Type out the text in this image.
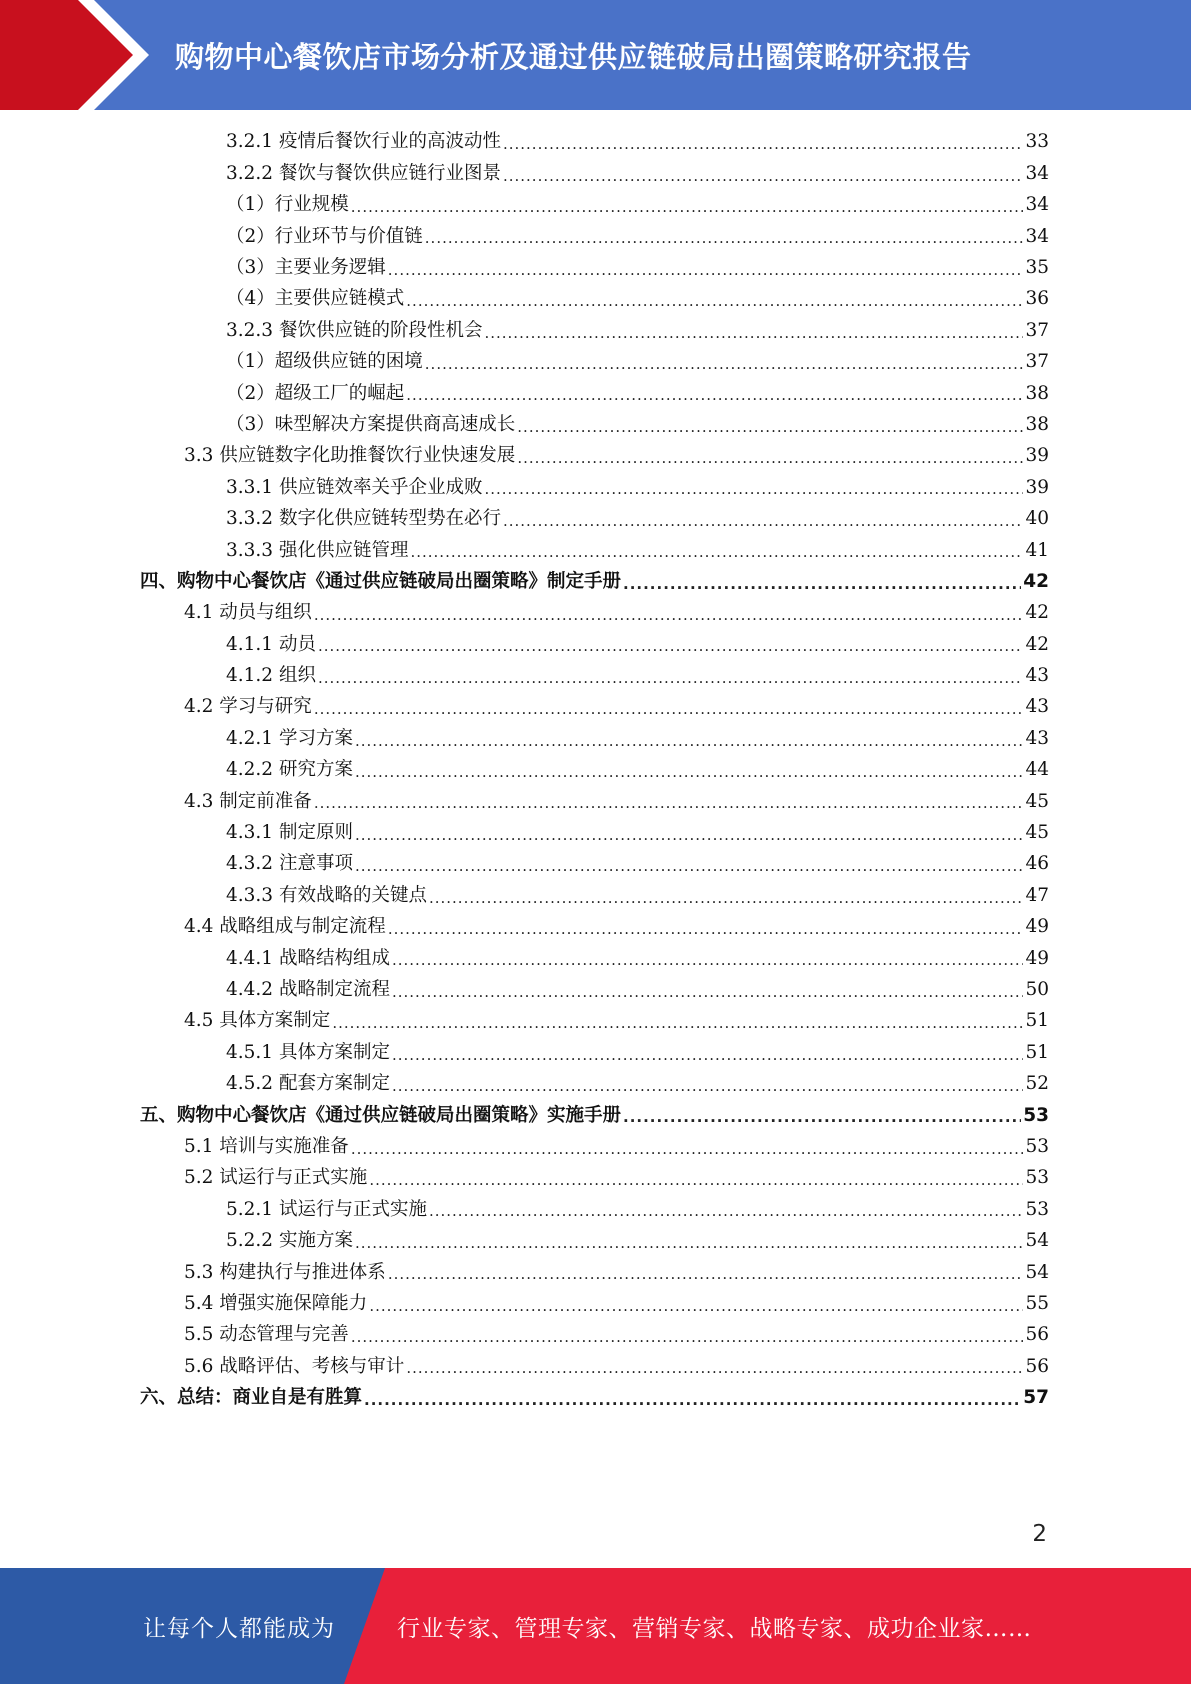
购物中心餐饮店市场分析及通过供应链破局出圈策略研究报告
3.2.1 疫情后餐饮行业的高波动性 .....	33
3.2.2 餐饮与餐饮供应链行业图景 .....	34
（1）行业规模 .....	34
（2）行业环节与价值链 .....	34
（3）主要业务逻辑 .....	35
（4）主要供应链模式 .....	36
3.2.3 餐饮供应链的阶段性机会 .....	37
（1）超级供应链的困境 .....	37
（2）超级工厂的崛起 .....	38
（3）味型解决方案提供商高速成长 .....	38
3.3 供应链数字化助推餐饮行业快速发展 .....	39
3.3.1 供应链效率关乎企业成败 .....	39
3.3.2 数字化供应链转型势在必行 .....	40
3.3.3 强化供应链管理 .....	41
四、购物中心餐饮店《通过供应链破局出圈策略》制定手册 .....	42
4.1 动员与组织 .....	42
4.1.1 动员 .....	42
4.1.2 组织 .....	43
4.2 学习与研究 .....	43
4.2.1 学习方案 .....	43
4.2.2 研究方案 .....	44
4.3 制定前准备 .....	45
4.3.1 制定原则 .....	45
4.3.2 注意事项 .....	46
4.3.3 有效战略的关键点 .....	47
4.4 战略组成与制定流程 .....	49
4.4.1 战略结构组成 .....	49
4.4.2 战略制定流程 .....	50
4.5 具体方案制定 .....	51
4.5.1 具体方案制定 .....	51
4.5.2 配套方案制定 .....	52
五、购物中心餐饮店《通过供应链破局出圈策略》实施手册 .....	53
5.1 培训与实施准备 .....	53
5.2 试运行与正式实施 .....	53
5.2.1 试运行与正式实施 .....	53
5.2.2 实施方案 .....	54
5.3 构建执行与推进体系 .....	54
5.4 增强实施保障能力 .....	55
5.5 动态管理与完善 .....	56
5.6 战略评估、考核与审计 .....	56
六、总结：商业自是有胜算 .....	57
2
让每个人都能成为	行业专家、管理专家、营销专家、战略专家、成功企业家……
